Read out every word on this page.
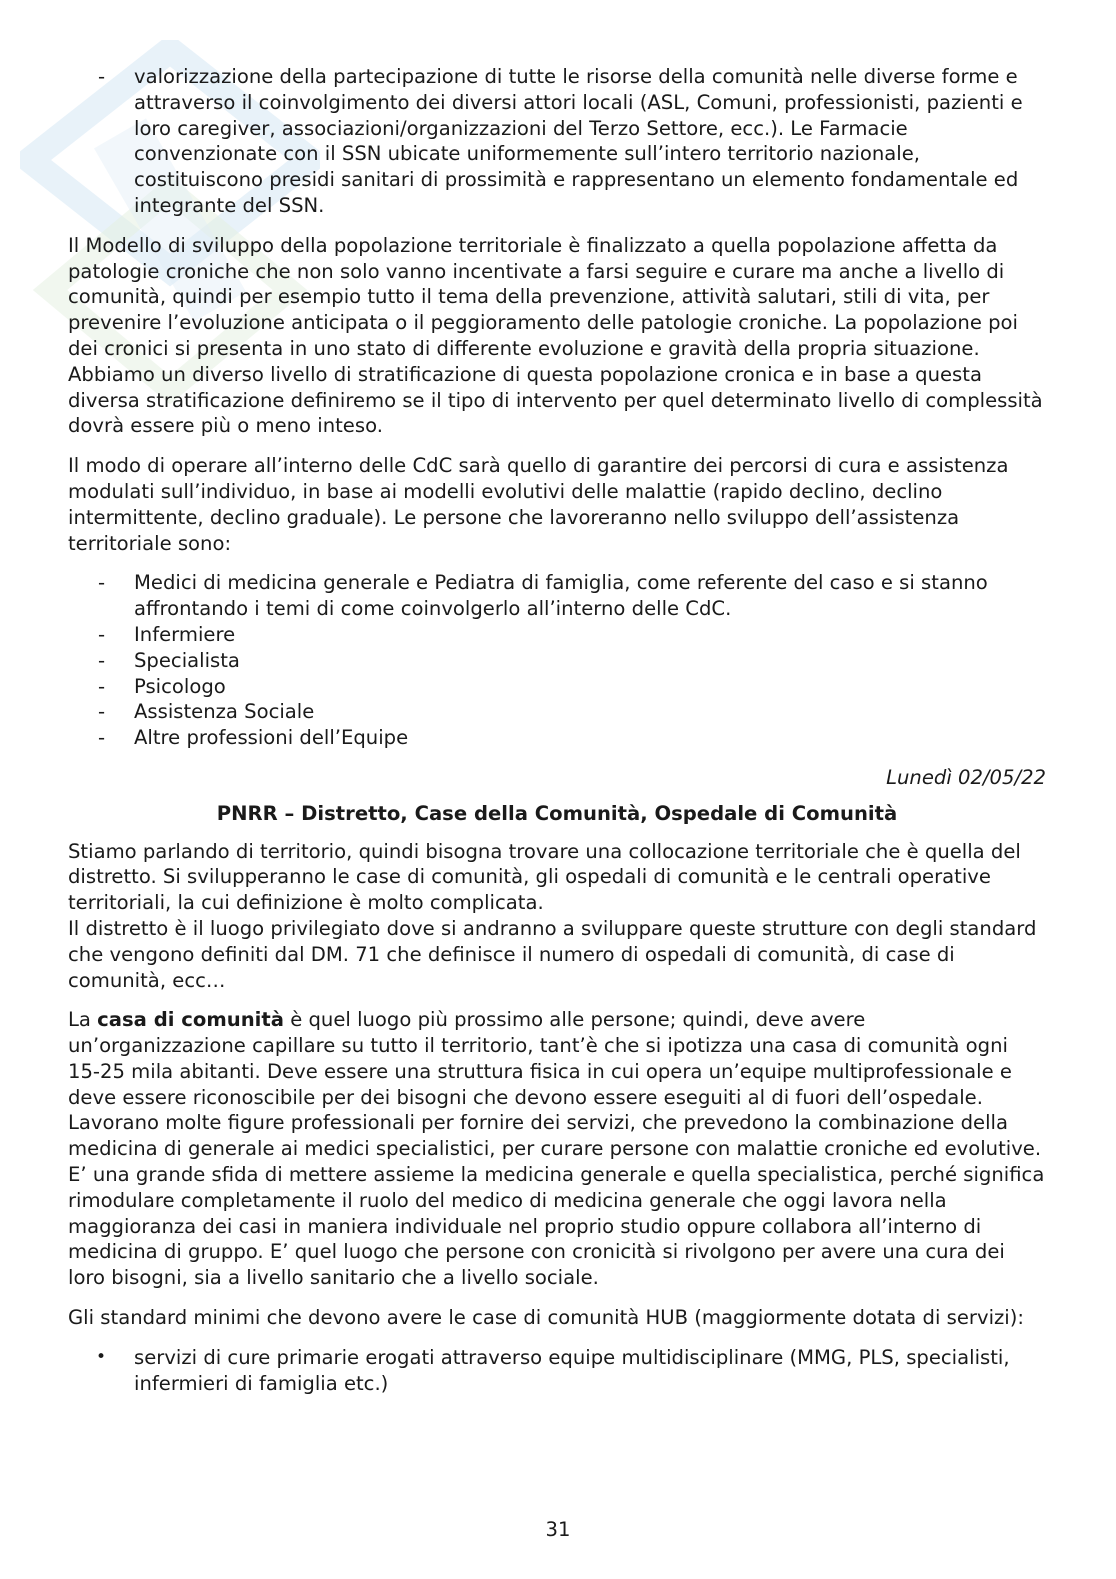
- valorizzazione della partecipazione di tutte le risorse della comunità nelle diverse forme e attraverso il coinvolgimento dei diversi attori locali (ASL, Comuni, professionisti, pazienti e loro caregiver, associazioni/organizzazioni del Terzo Settore, ecc.). Le Farmacie convenzionate con il SSN ubicate uniformemente sull’intero territorio nazionale, costituiscono presidi sanitari di prossimità e rappresentano un elemento fondamentale ed integrante del SSN.

Il Modello di sviluppo della popolazione territoriale è finalizzato a quella popolazione affetta da patologie croniche che non solo vanno incentivate a farsi seguire e curare ma anche a livello di comunità, quindi per esempio tutto il tema della prevenzione, attività salutari, stili di vita, per prevenire l’evoluzione anticipata o il peggioramento delle patologie croniche. La popolazione poi dei cronici si presenta in uno stato di differente evoluzione e gravità della propria situazione. Abbiamo un diverso livello di stratificazione di questa popolazione cronica e in base a questa diversa stratificazione definiremo se il tipo di intervento per quel determinato livello di complessità dovrà essere più o meno inteso.

Il modo di operare all’interno delle CdC sarà quello di garantire dei percorsi di cura e assistenza modulati sull’individuo, in base ai modelli evolutivi delle malattie (rapido declino, declino intermittente, declino graduale). Le persone che lavoreranno nello sviluppo dell’assistenza territoriale sono:

- Medici di medicina generale e Pediatra di famiglia, come referente del caso e si stanno affrontando i temi di come coinvolgerlo all’interno delle CdC.
- Infermiere
- Specialista
- Psicologo
- Assistenza Sociale
- Altre professioni dell’Equipe
Lunedì 02/05/22
PNRR – Distretto, Case della Comunità, Ospedale di Comunità

Stiamo parlando di territorio, quindi bisogna trovare una collocazione territoriale che è quella del distretto. Si svilupperanno le case di comunità, gli ospedali di comunità e le centrali operative territoriali, la cui definizione è molto complicata.

Il distretto è il luogo privilegiato dove si andranno a sviluppare queste strutture con degli standard che vengono definiti dal DM. 71 che definisce il numero di ospedali di comunità, di case di comunità, ecc…

La casa di comunità è quel luogo più prossimo alle persone; quindi, deve avere un’organizzazione capillare su tutto il territorio, tant’è che si ipotizza una casa di comunità ogni 15-25 mila abitanti. Deve essere una struttura fisica in cui opera un’equipe multiprofessionale e deve essere riconoscibile per dei bisogni che devono essere eseguiti al di fuori dell’ospedale. Lavorano molte figure professionali per fornire dei servizi, che prevedono la combinazione della medicina di generale ai medici specialistici, per curare persone con malattie croniche ed evolutive. E’ una grande sfida di mettere assieme la medicina generale e quella specialistica, perché significa rimodulare completamente il ruolo del medico di medicina generale che oggi lavora nella maggioranza dei casi in maniera individuale nel proprio studio oppure collabora all’interno di medicina di gruppo. E’ quel luogo che persone con cronicità si rivolgono per avere una cura dei loro bisogni, sia a livello sanitario che a livello sociale.

Gli standard minimi che devono avere le case di comunità HUB (maggiormente dotata di servizi):

• servizi di cure primarie erogati attraverso equipe multidisciplinare (MMG, PLS, specialisti, infermieri di famiglia etc.)
31
